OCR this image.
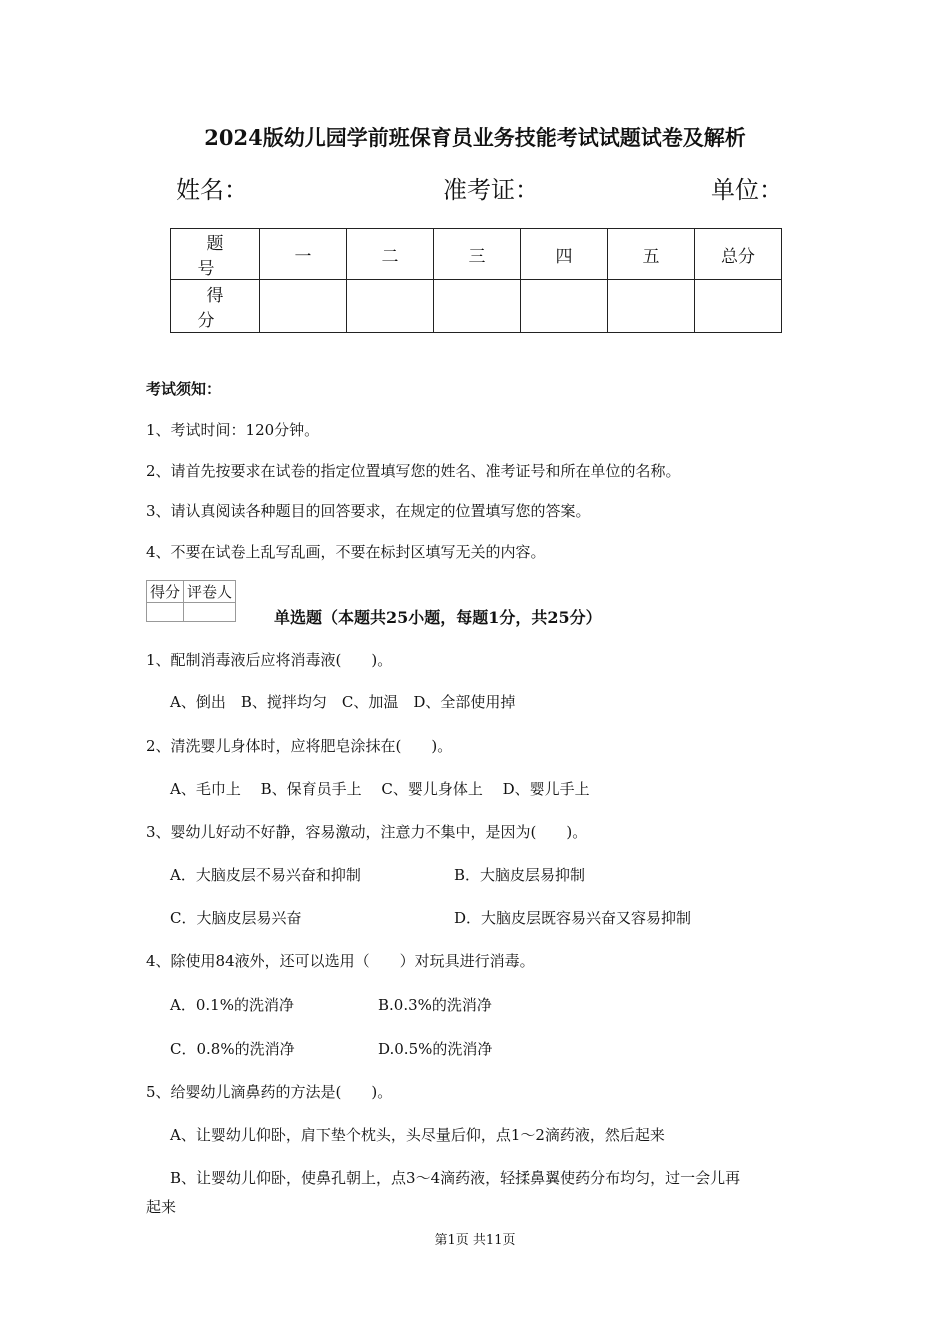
2024版幼儿园学前班保育员业务技能考试试题试卷及解析
姓名：	准考证：	单位：
题　号	一	二	三	四	五	总分
得　分						
考试须知：
1、考试时间：120分钟。
2、请首先按要求在试卷的指定位置填写您的姓名、准考证号和所在单位的名称。
3、请认真阅读各种题目的回答要求，在规定的位置填写您的答案。
4、不要在试卷上乱写乱画，不要在标封区填写无关的内容。
得分	评卷人

单选题（本题共25小题，每题1分，共25分）
1、配制消毒液后应将消毒液(　　)。
A、倒出　B、搅拌均匀　C、加温　D、全部使用掉
2、清洗婴儿身体时，应将肥皂涂抹在(　　)。
A、毛巾上　 B、保育员手上　 C、婴儿身体上　 D、婴儿手上
3、婴幼儿好动不好静，容易激动，注意力不集中，是因为(　　)。
A．大脑皮层不易兴奋和抑制	B．大脑皮层易抑制
C．大脑皮层易兴奋	D．大脑皮层既容易兴奋又容易抑制
4、除使用84液外，还可以选用（　　）对玩具进行消毒。
A．0.1%的洗消净	B.0.3%的洗消净
C．0.8%的洗消净	D.0.5%的洗消净
5、给婴幼儿滴鼻药的方法是(　　)。
A、让婴幼儿仰卧，肩下垫个枕头，头尽量后仰，点1～2滴药液，然后起来
B、让婴幼儿仰卧，使鼻孔朝上，点3～4滴药液，轻揉鼻翼使药分布均匀，过一会儿再
起来
第1页 共11页
